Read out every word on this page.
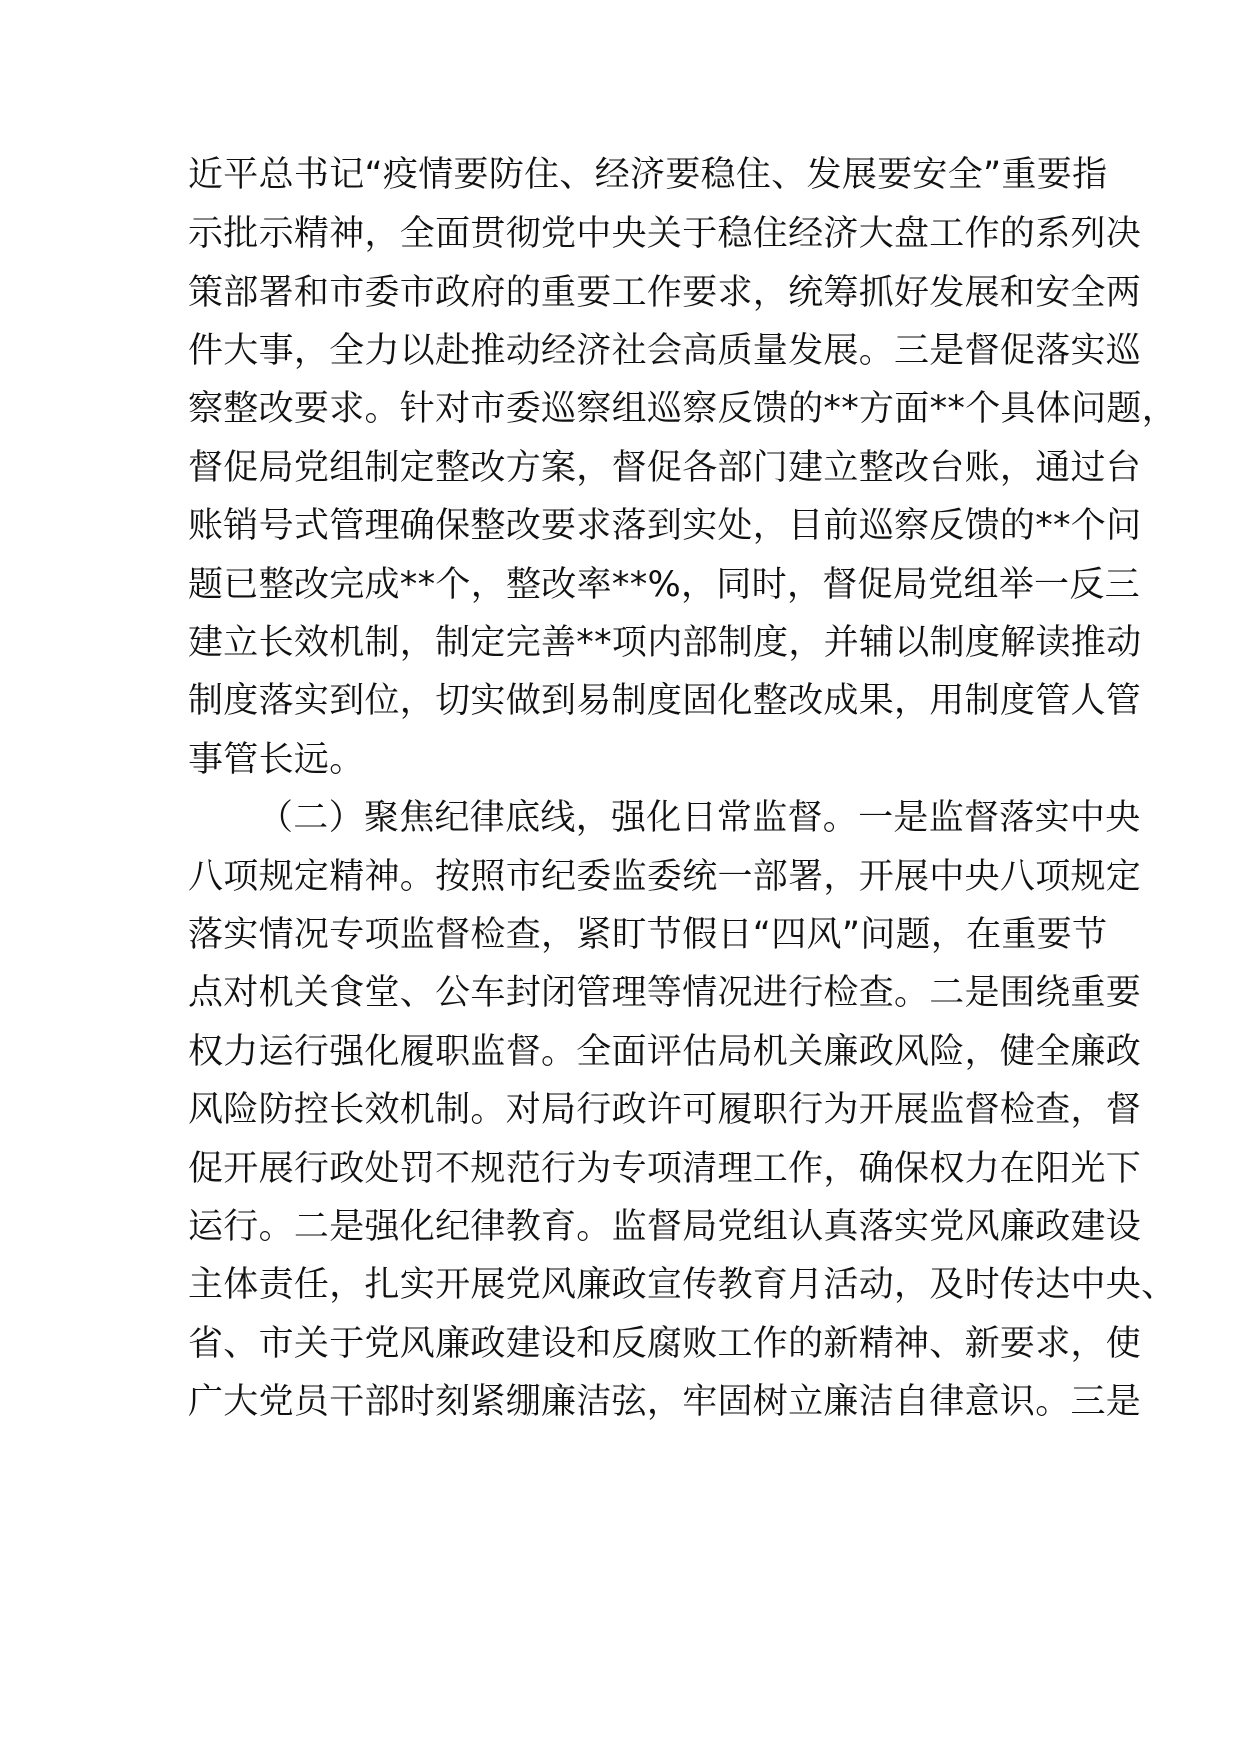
近平总书记“疫情要防住、经济要稳住、发展要安全”重要指
示批示精神，全面贯彻党中央关于稳住经济大盘工作的系列决
策部署和市委市政府的重要工作要求，统筹抓好发展和安全两
件大事，全力以赴推动经济社会高质量发展。三是督促落实巡
察整改要求。针对市委巡察组巡察反馈的**方面**个具体问题，
督促局党组制定整改方案，督促各部门建立整改台账，通过台
账销号式管理确保整改要求落到实处，目前巡察反馈的**个问
题已整改完成**个，整改率**%，同时，督促局党组举一反三
建立长效机制，制定完善**项内部制度，并辅以制度解读推动
制度落实到位，切实做到易制度固化整改成果，用制度管人管
事管长远。
（二）聚焦纪律底线，强化日常监督。一是监督落实中央
八项规定精神。按照市纪委监委统一部署，开展中央八项规定
落实情况专项监督检查，紧盯节假日“四风”问题，在重要节
点对机关食堂、公车封闭管理等情况进行检查。二是围绕重要
权力运行强化履职监督。全面评估局机关廉政风险，健全廉政
风险防控长效机制。对局行政许可履职行为开展监督检查，督
促开展行政处罚不规范行为专项清理工作，确保权力在阳光下
运行。二是强化纪律教育。监督局党组认真落实党风廉政建设
主体责任，扎实开展党风廉政宣传教育月活动，及时传达中央、
省、市关于党风廉政建设和反腐败工作的新精神、新要求，使
广大党员干部时刻紧绷廉洁弦，牢固树立廉洁自律意识。三是
